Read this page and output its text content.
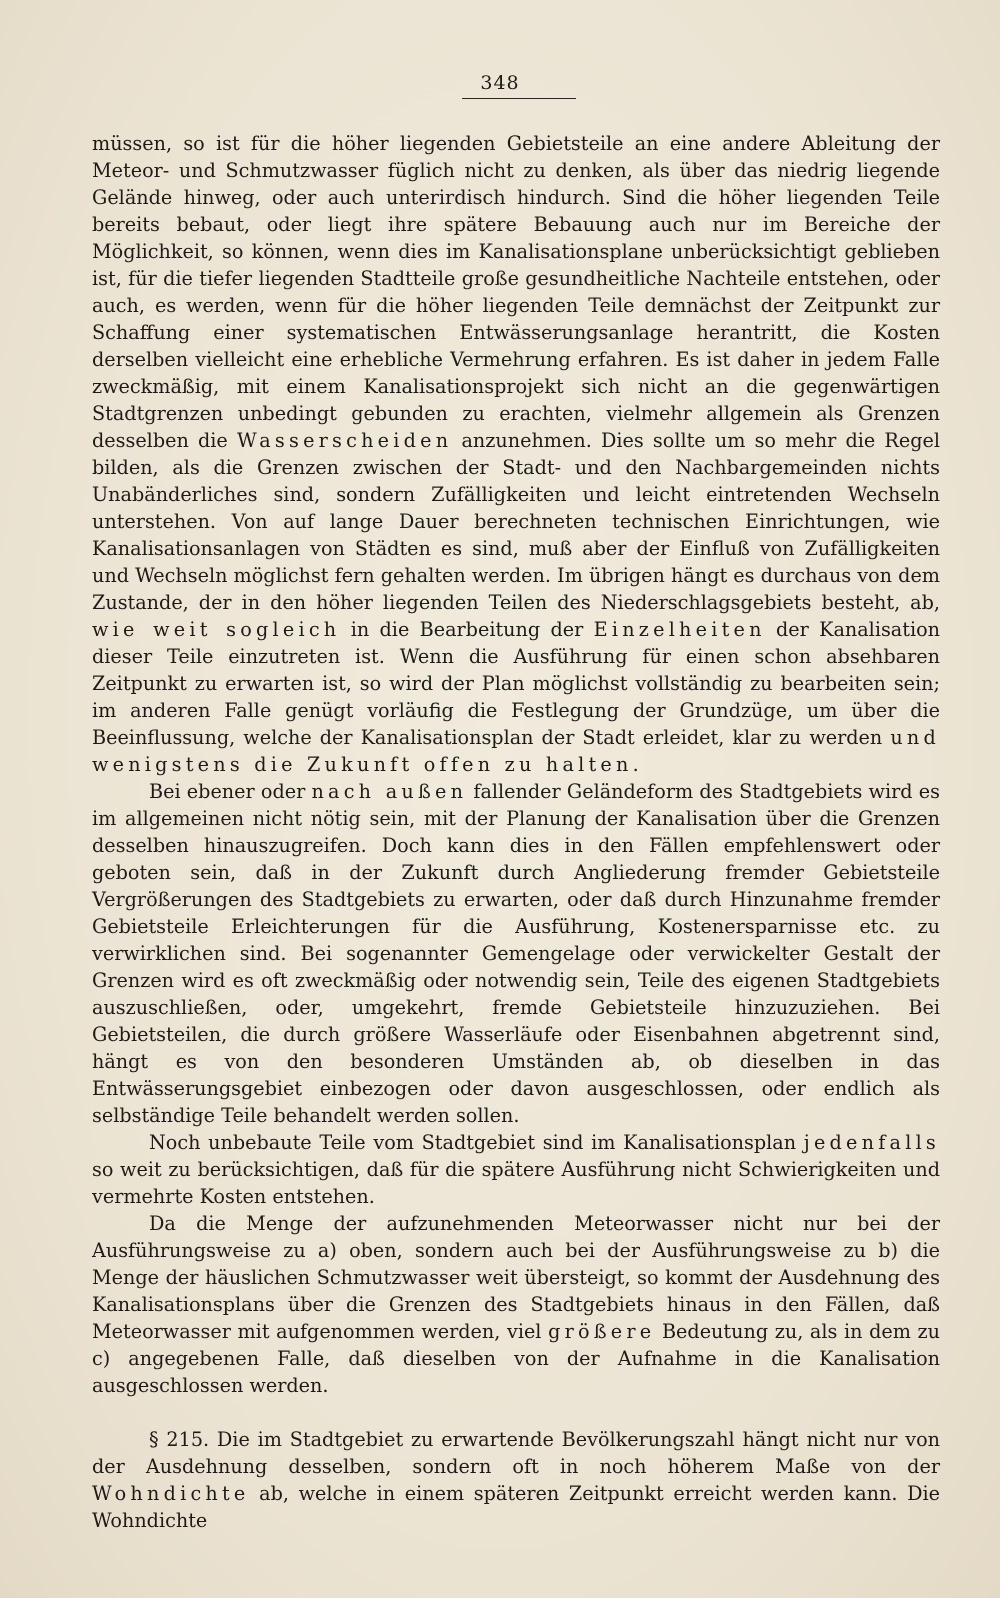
348

müssen, so ist für die höher liegenden Gebietsteile an eine andere Ableitung der Meteor- und Schmutzwasser füglich nicht zu denken, als über das niedrig liegende Gelände hinweg, oder auch unterirdisch hindurch. Sind die höher liegenden Teile bereits bebaut, oder liegt ihre spätere Bebauung auch nur im Bereiche der Möglichkeit, so können, wenn dies im Kanalisationsplane unberücksichtigt geblieben ist, für die tiefer liegenden Stadtteile große gesundheitliche Nachteile entstehen, oder auch, es werden, wenn für die höher liegenden Teile demnächst der Zeitpunkt zur Schaffung einer systematischen Entwässerungsanlage herantritt, die Kosten derselben vielleicht eine erhebliche Vermehrung erfahren. Es ist daher in jedem Falle zweckmäßig, mit einem Kanalisationsprojekt sich nicht an die gegenwärtigen Stadtgrenzen unbedingt gebunden zu erachten, vielmehr allgemein als Grenzen desselben die Wasserscheiden anzunehmen. Dies sollte um so mehr die Regel bilden, als die Grenzen zwischen der Stadt- und den Nachbargemeinden nichts Unabänderliches sind, sondern Zufälligkeiten und leicht eintretenden Wechseln unterstehen. Von auf lange Dauer berechneten technischen Einrichtungen, wie Kanalisationsanlagen von Städten es sind, muß aber der Einfluß von Zufälligkeiten und Wechseln möglichst fern gehalten werden. Im übrigen hängt es durchaus von dem Zustande, der in den höher liegenden Teilen des Niederschlagsgebiets besteht, ab, wie weit sogleich in die Bearbeitung der Einzelheiten der Kanalisation dieser Teile einzutreten ist. Wenn die Ausführung für einen schon absehbaren Zeitpunkt zu erwarten ist, so wird der Plan möglichst vollständig zu bearbeiten sein; im anderen Falle genügt vorläufig die Festlegung der Grundzüge, um über die Beeinflussung, welche der Kanalisationsplan der Stadt erleidet, klar zu werden und wenigstens die Zukunft offen zu halten.

Bei ebener oder nach außen fallender Geländeform des Stadtgebiets wird es im allgemeinen nicht nötig sein, mit der Planung der Kanalisation über die Grenzen desselben hinauszugreifen. Doch kann dies in den Fällen empfehlenswert oder geboten sein, daß in der Zukunft durch Angliederung fremder Gebietsteile Vergrößerungen des Stadtgebiets zu erwarten, oder daß durch Hinzunahme fremder Gebietsteile Erleichterungen für die Ausführung, Kostenersparnisse etc. zu verwirklichen sind. Bei sogenannter Gemengelage oder verwickelter Gestalt der Grenzen wird es oft zweckmäßig oder notwendig sein, Teile des eigenen Stadtgebiets auszuschließen, oder, umgekehrt, fremde Gebietsteile hinzuzuziehen. Bei Gebietsteilen, die durch größere Wasserläufe oder Eisenbahnen abgetrennt sind, hängt es von den besonderen Umständen ab, ob dieselben in das Entwässerungsgebiet einbezogen oder davon ausgeschlossen, oder endlich als selbständige Teile behandelt werden sollen.

Noch unbebaute Teile vom Stadtgebiet sind im Kanalisationsplan jedenfalls so weit zu berücksichtigen, daß für die spätere Ausführung nicht Schwierigkeiten und vermehrte Kosten entstehen.

Da die Menge der aufzunehmenden Meteorwasser nicht nur bei der Ausführungsweise zu a) oben, sondern auch bei der Ausführungsweise zu b) die Menge der häuslichen Schmutzwasser weit übersteigt, so kommt der Ausdehnung des Kanalisationsplans über die Grenzen des Stadtgebiets hinaus in den Fällen, daß Meteorwasser mit aufgenommen werden, viel größere Bedeutung zu, als in dem zu c) angegebenen Falle, daß dieselben von der Aufnahme in die Kanalisation ausgeschlossen werden.

§ 215. Die im Stadtgebiet zu erwartende Bevölkerungszahl hängt nicht nur von der Ausdehnung desselben, sondern oft in noch höherem Maße von der Wohndichte ab, welche in einem späteren Zeitpunkt erreicht werden kann. Die Wohndichte
